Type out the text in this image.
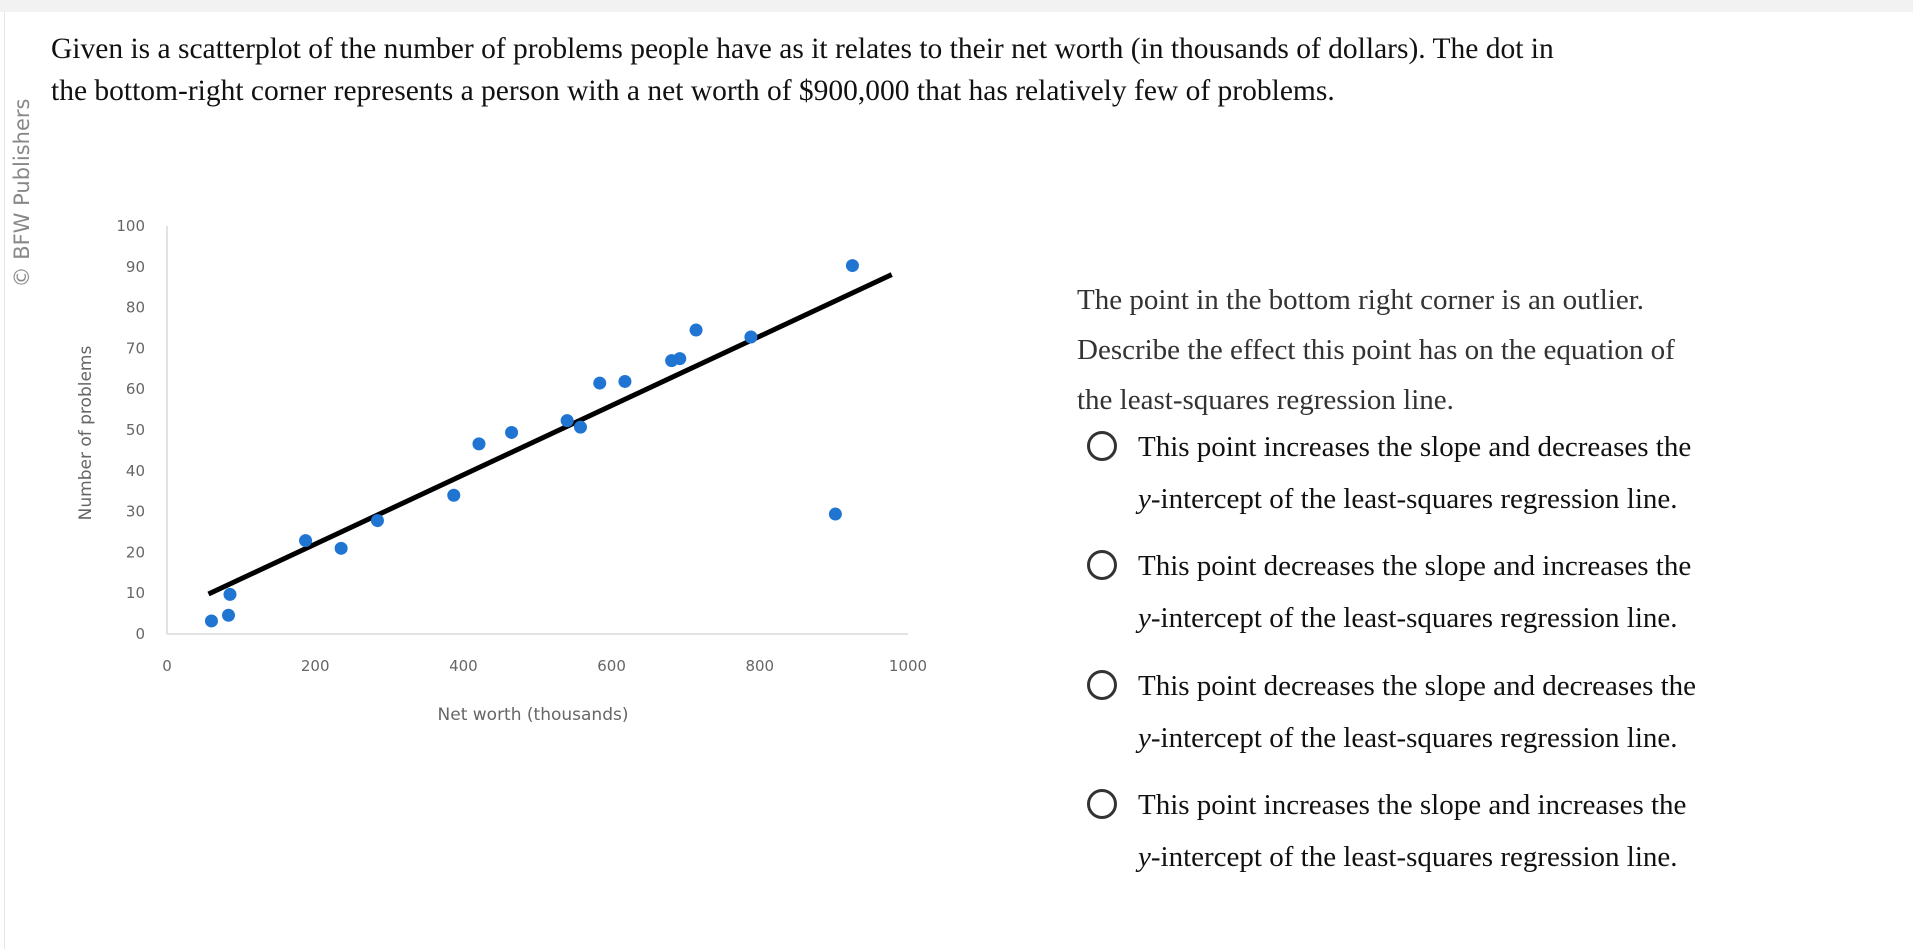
© BFW Publishers
Given is a scatterplot of the number of problems people have as it relates to their net worth (in thousands of dollars). The dot in
the bottom-right corner represents a person with a net worth of $900,000 that has relatively few of problems.
0
10
20
30
40
50
60
70
80
90
100
0	200	400	600	800	1000
Net worth (thousands)
Number of problems
The point in the bottom right corner is an outlier.
Describe the effect this point has on the equation of
the least-squares regression line.
This point increases the slope and decreases the
y-intercept of the least-squares regression line.
This point decreases the slope and increases the
y-intercept of the least-squares regression line.
This point decreases the slope and decreases the
y-intercept of the least-squares regression line.
This point increases the slope and increases the
y-intercept of the least-squares regression line.
